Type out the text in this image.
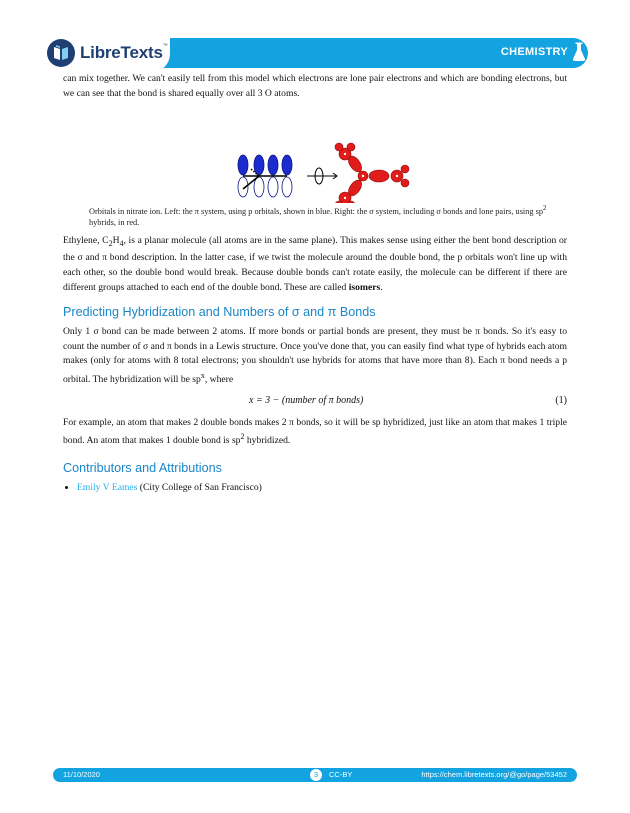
LibreTexts™	CHEMISTRY

can mix together. We can't easily tell from this model which electrons are lone pair electrons and which are bonding electrons, but we can see that the bond is shared equally over all 3 O atoms.

Orbitals in nitrate ion. Left: the π system, using p orbitals, shown in blue. Right: the σ system, including σ bonds and lone pairs, using $sp^2$ hybrids, in red.

Ethylene, $C_2H_4$, is a planar molecule (all atoms are in the same plane). This makes sense using either the bent bond description or the σ and π bond description. In the latter case, if we twist the molecule around the double bond, the p orbitals won't line up with each other, so the double bond would break. Because double bonds can't rotate easily, the molecule can be different if there are different groups attached to each end of the double bond. These are called isomers.

Predicting Hybridization and Numbers of σ and π Bonds

Only 1 σ bond can be made between 2 atoms. If more bonds or partial bonds are present, they must be π bonds. So it's easy to count the number of σ and π bonds in a Lewis structure. Once you've done that, you can easily find what type of hybrids each atom makes (only for atoms with 8 total electrons; you shouldn't use hybrids for atoms that have more than 8). Each π bond needs a p orbital. The hybridization will be $sp^x$, where

x = 3 − (number of π bonds)	(1)

For example, an atom that makes 2 double bonds makes 2 π bonds, so it will be sp hybridized, just like an atom that makes 1 triple bond. An atom that makes 1 double bond is $sp^2$ hybridized.

Contributors and Attributions
• Emily V Eames (City College of San Francisco)
11/10/2020	3	CC-BY	https://chem.libretexts.org/@go/page/53452
